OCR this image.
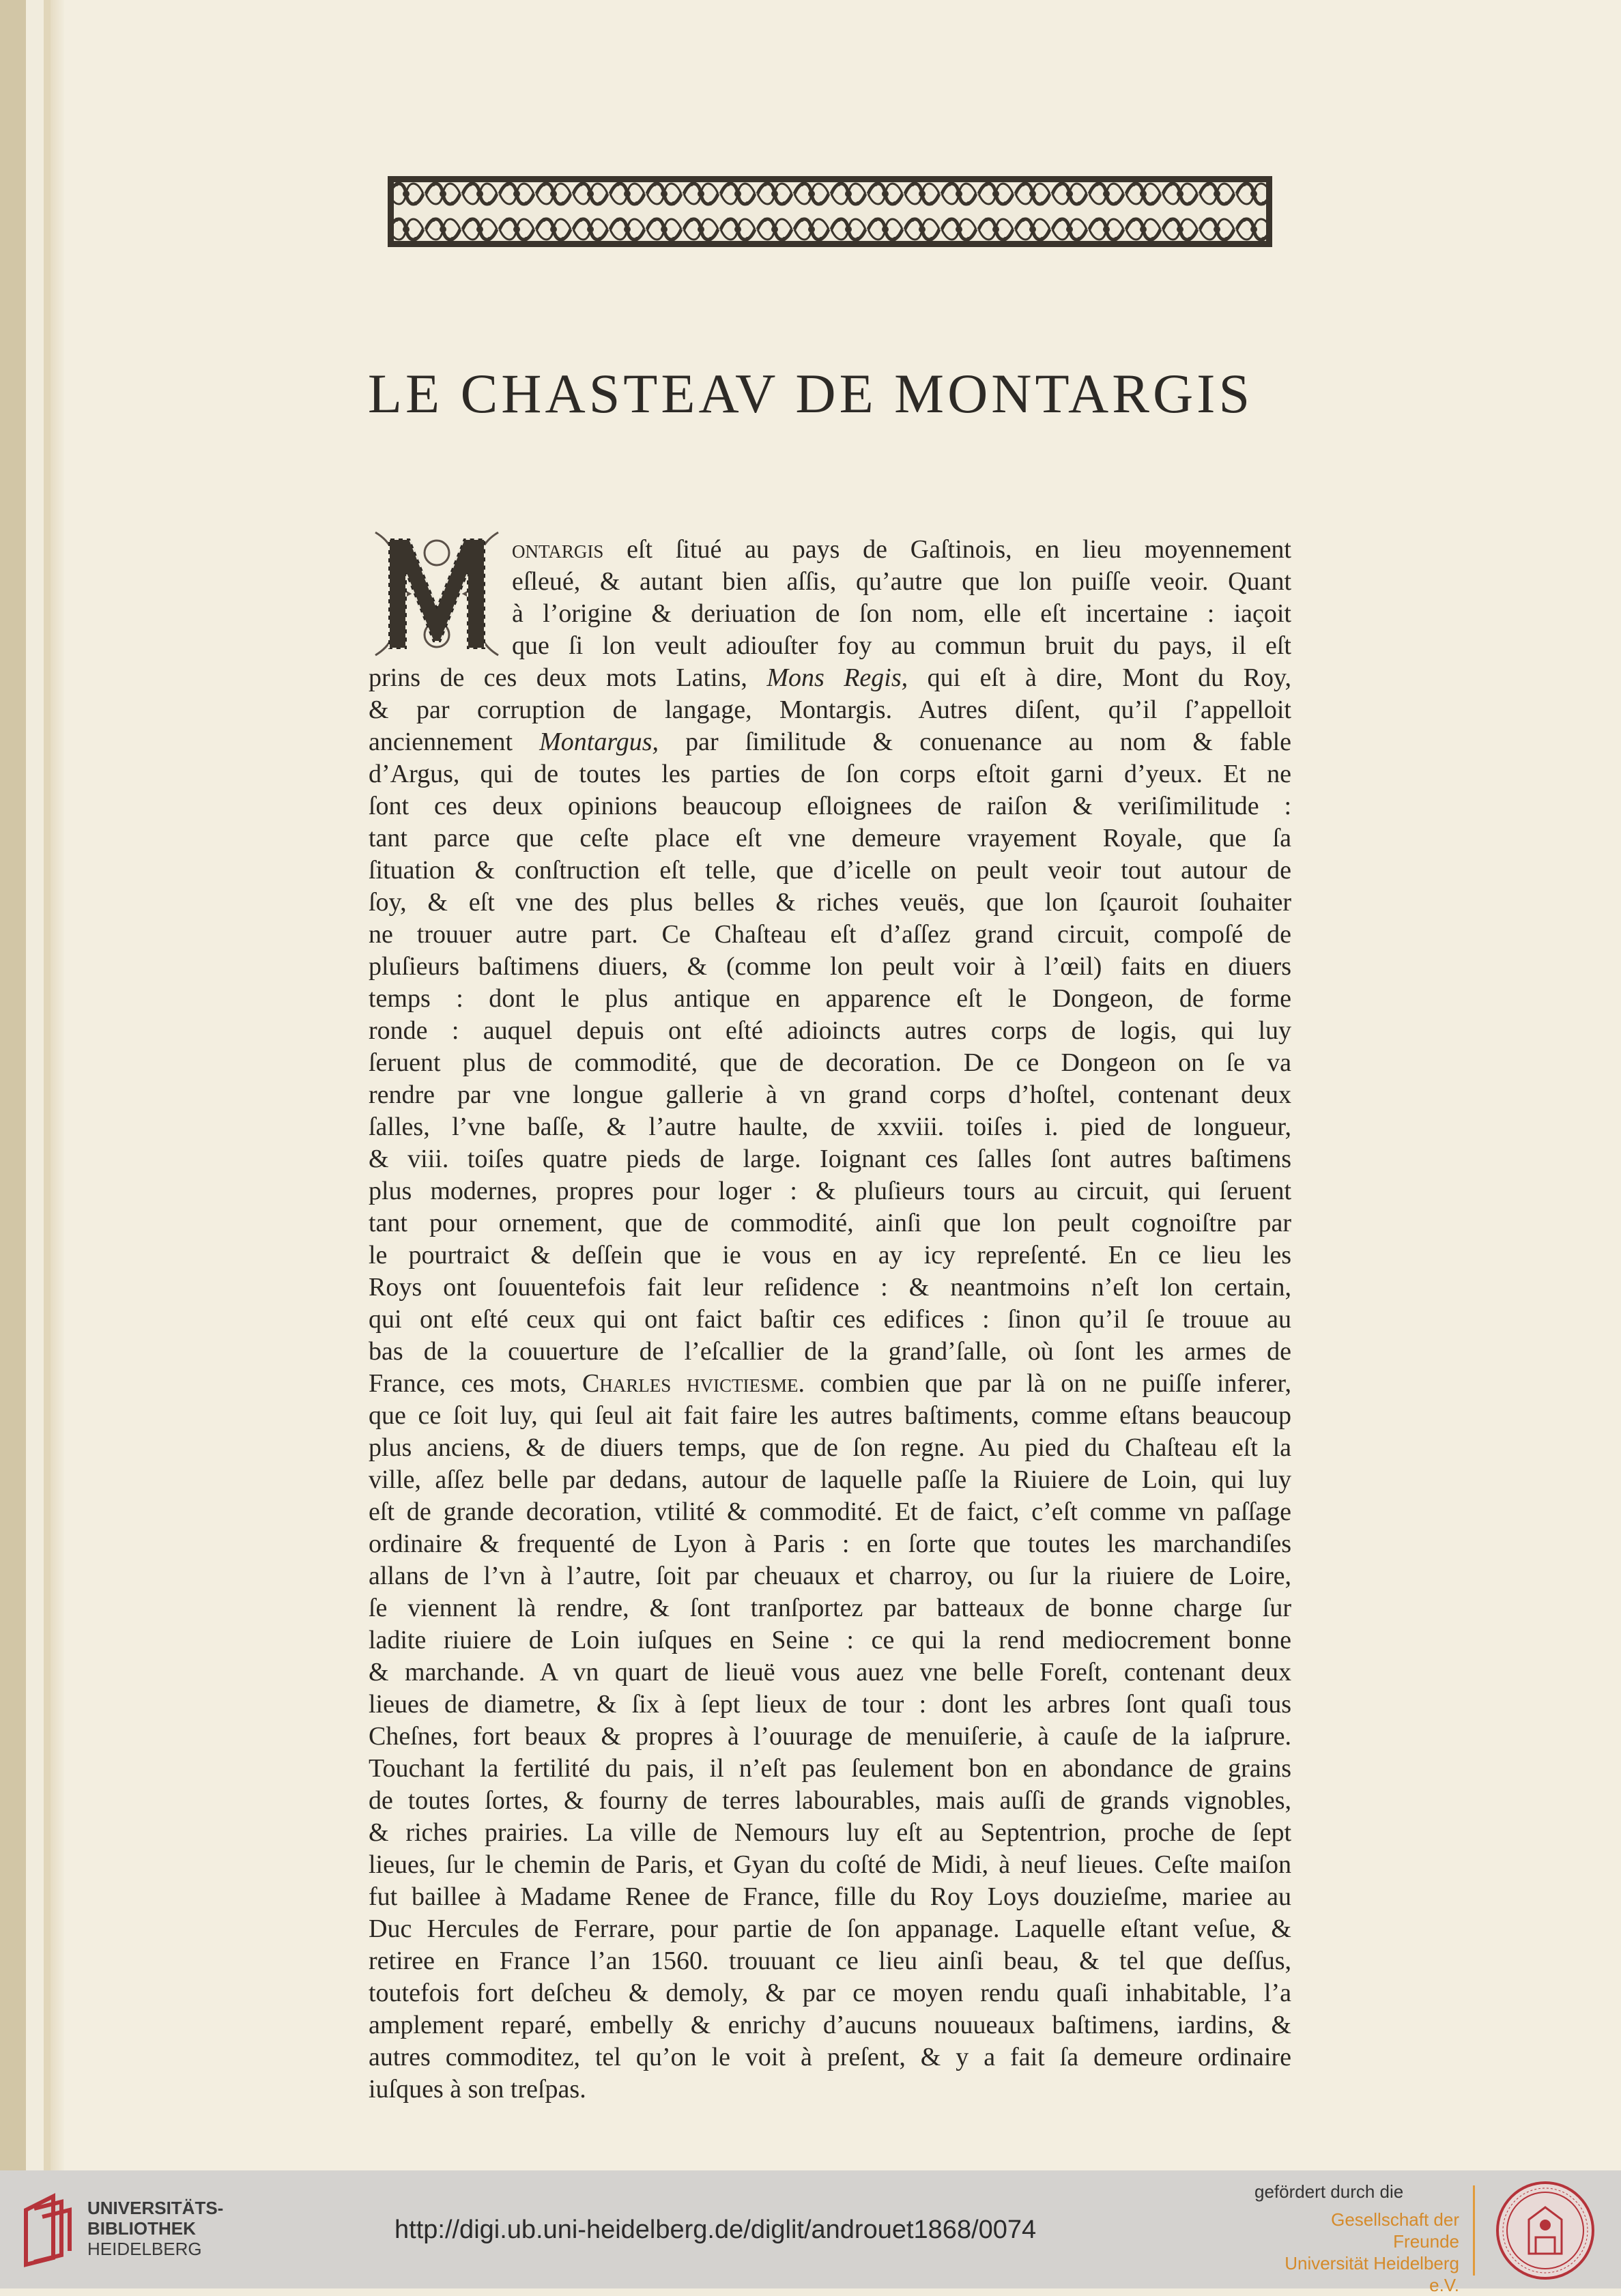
LE CHASTEAV DE MONTARGIS
M
ontargis eſt ſitué au pays de Gaſtinois, en lieu moyennement
eſleué, & autant bien aſſis, qu’autre que lon puiſſe veoir. Quant
à l’origine & deriuation de ſon nom, elle eſt incertaine : iaçoit
que ſi lon veult adiouſter foy au commun bruit du pays, il eſt
prins de ces deux mots Latins, Mons Regis, qui eſt à dire, Mont du Roy,
& par corruption de langage, Montargis. Autres diſent, qu’il ſ’appelloit
anciennement Montargus, par ſimilitude & conuenance au nom & fable
d’Argus, qui de toutes les parties de ſon corps eſtoit garni d’yeux. Et ne
ſont ces deux opinions beaucoup eſloignees de raiſon & veriſimilitude :
tant parce que ceſte place eſt vne demeure vrayement Royale, que ſa
ſituation & conſtruction eſt telle, que d’icelle on peult veoir tout autour de
ſoy, & eſt vne des plus belles & riches veuës, que lon ſçauroit ſouhaiter
ne trouuer autre part. Ce Chaſteau eſt d’aſſez grand circuit, compoſé de
pluſieurs baſtimens diuers, & (comme lon peult voir à l’œil) faits en diuers
temps : dont le plus antique en apparence eſt le Dongeon, de forme
ronde : auquel depuis ont eſté adioincts autres corps de logis, qui luy
ſeruent plus de commodité, que de decoration. De ce Dongeon on ſe va
rendre par vne longue gallerie à vn grand corps d’hoſtel, contenant deux
ſalles, l’vne baſſe, & l’autre haulte, de xxviii. toiſes i. pied de longueur,
& viii. toiſes quatre pieds de large. Ioignant ces ſalles ſont autres baſtimens
plus modernes, propres pour loger : & pluſieurs tours au circuit, qui ſeruent
tant pour ornement, que de commodité, ainſi que lon peult cognoiſtre par
le pourtraict & deſſein que ie vous en ay icy repreſenté. En ce lieu les
Roys ont ſouuentefois fait leur reſidence : & neantmoins n’eſt lon certain,
qui ont eſté ceux qui ont faict baſtir ces edifices : ſinon qu’il ſe trouue au
bas de la couuerture de l’eſcallier de la grand’ſalle, où ſont les armes de
France, ces mots, Charles hvictiesme. combien que par là on ne puiſſe inferer,
que ce ſoit luy, qui ſeul ait fait faire les autres baſtiments, comme eſtans beaucoup
plus anciens, & de diuers temps, que de ſon regne. Au pied du Chaſteau eſt la
ville, aſſez belle par dedans, autour de laquelle paſſe la Riuiere de Loin, qui luy
eſt de grande decoration, vtilité & commodité. Et de faict, c’eſt comme vn paſſage
ordinaire & frequenté de Lyon à Paris : en ſorte que toutes les marchandiſes
allans de l’vn à l’autre, ſoit par cheuaux et charroy, ou ſur la riuiere de Loire,
ſe viennent là rendre, & ſont tranſportez par batteaux de bonne charge ſur
ladite riuiere de Loin iuſques en Seine : ce qui la rend mediocrement bonne
& marchande. A vn quart de lieuë vous auez vne belle Foreſt, contenant deux
lieues de diametre, & ſix à ſept lieux de tour : dont les arbres ſont quaſi tous
Cheſnes, fort beaux & propres à l’ouurage de menuiſerie, à cauſe de la iaſprure.
Touchant la fertilité du pais, il n’eſt pas ſeulement bon en abondance de grains
de toutes ſortes, & fourny de terres labourables, mais auſſi de grands vignobles,
& riches prairies. La ville de Nemours luy eſt au Septentrion, proche de ſept
lieues, ſur le chemin de Paris, et Gyan du coſté de Midi, à neuf lieues. Ceſte maiſon
fut baillee à Madame Renee de France, fille du Roy Loys douzieſme, mariee au
Duc Hercules de Ferrare, pour partie de ſon appanage. Laquelle eſtant veſue, &
retiree en France l’an 1560. trouuant ce lieu ainſi beau, & tel que deſſus,
toutefois fort deſcheu & demoly, & par ce moyen rendu quaſi inhabitable, l’a
amplement reparé, embelly & enrichy d’aucuns nouueaux baſtimens, iardins, &
autres commoditez, tel qu’on le voit à preſent, & y a fait ſa demeure ordinaire
iuſques à son treſpas.
UNIVERSITÄTS-
BIBLIOTHEK
HEIDELBERG
http://digi.ub.uni-heidelberg.de/diglit/androuet1868/0074
gefördert durch die
Gesellschaft der Freunde
Universität Heidelberg e.V.
